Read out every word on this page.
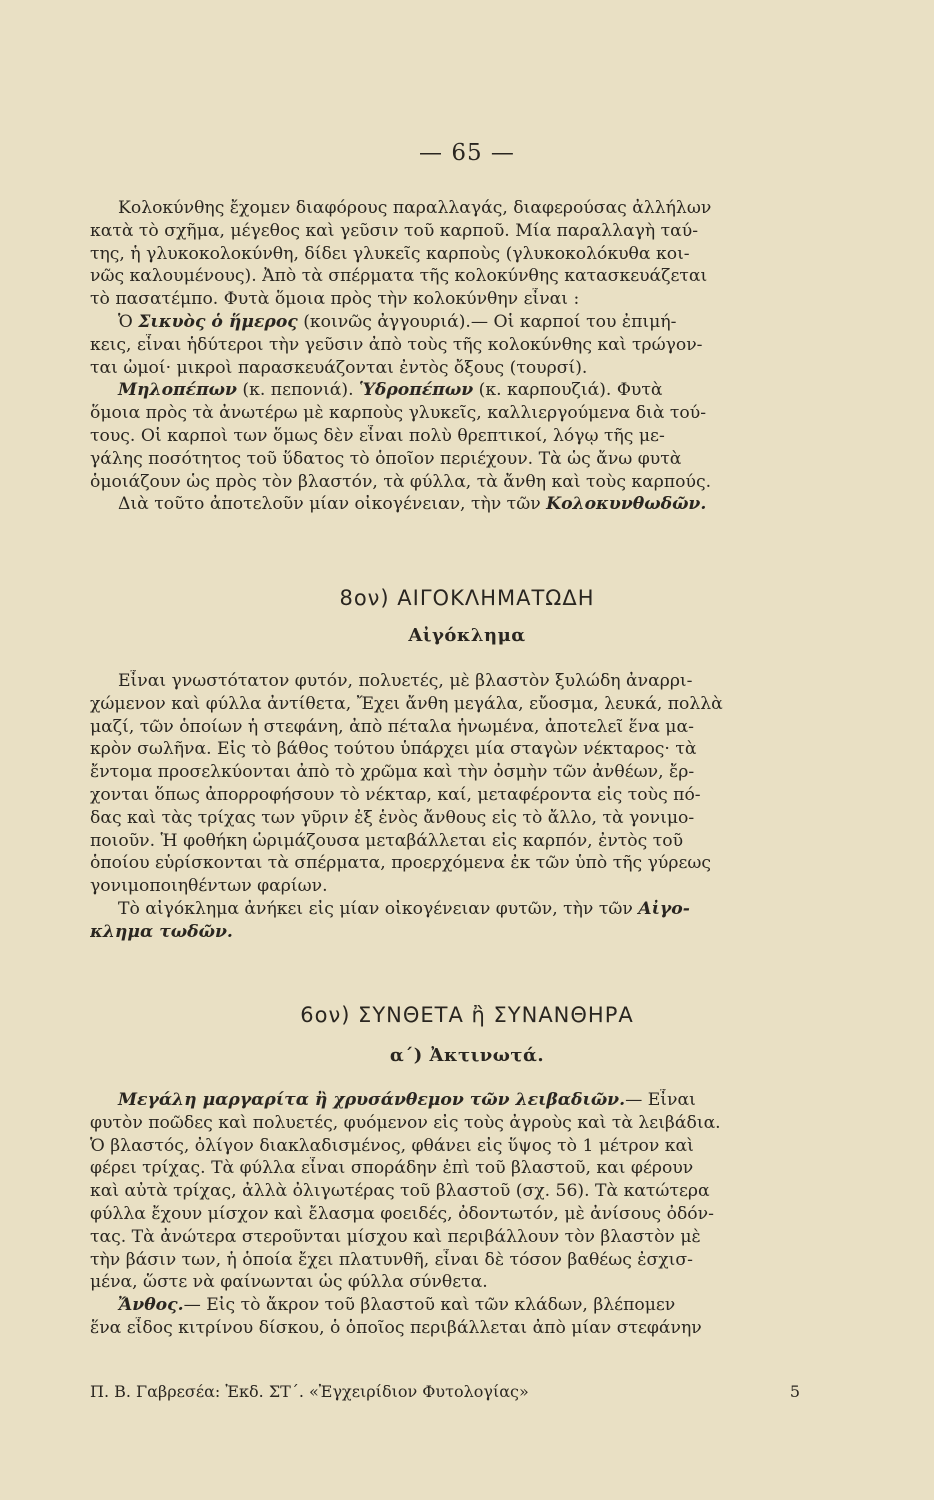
— 65 —
Κολοκύνθης ἔχομεν διαφόρους παραλλαγάς, διαφερούσας ἀλλήλων
κατὰ τὸ σχῆμα, μέγεθος καὶ γεῦσιν τοῦ καρποῦ. Μία παραλλαγὴ ταύ-
της, ἡ γλυκοκολοκύνθη, δίδει γλυκεῖς καρποὺς (γλυκοκολόκυθα κοι-
νῶς καλουμένους). Ἀπὸ τὰ σπέρματα τῆς κολοκύνθης κατασκευάζεται
τὸ πασατέμπο. Φυτὰ ὅμοια πρὸς τὴν κολοκύνθην εἶναι :
Ὁ Σικυὸς ὁ ἥμερος (κοινῶς ἀγγουριά).— Οἱ καρποί του ἐπιμή-
κεις, εἶναι ἡδύτεροι τὴν γεῦσιν ἀπὸ τοὺς τῆς κολοκύνθης καὶ τρώγον-
ται ὠμοί· μικροὶ παρασκευάζονται ἐντὸς ὄξους (τουρσί).
Μηλοπέπων (κ. πεπονιά). Ὑδροπέπων (κ. καρπουζιά). Φυτὰ
ὅμοια πρὸς τὰ ἀνωτέρω μὲ καρποὺς γλυκεῖς, καλλιεργούμενα διὰ τού-
τους. Οἱ καρποὶ των ὅμως δὲν εἶναι πολὺ θρεπτικοί, λόγῳ τῆς με-
γάλης ποσότητος τοῦ ὕδατος τὸ ὁποῖον περιέχουν. Τὰ ὡς ἄνω φυτὰ
ὁμοιάζουν ὡς πρὸς τὸν βλαστόν, τὰ φύλλα, τὰ ἄνθη καὶ τοὺς καρπούς.
Διὰ τοῦτο ἀποτελοῦν μίαν οἰκογένειαν, τὴν τῶν Κολοκυνθωδῶν.
8ον) ΑΙΓΟΚΛΗΜΑΤΩΔΗ
Αἰγόκλημα
Εἶναι γνωστότατον φυτόν, πολυετές, μὲ βλαστὸν ξυλώδη ἀναρρι-
χώμενον καὶ φύλλα ἀντίθετα, Ἔχει ἄνθη μεγάλα, εὔοσμα, λευκά, πολλὰ
μαζί, τῶν ὁποίων ἡ στεφάνη, ἀπὸ πέταλα ἡνωμένα, ἀποτελεῖ ἕνα μα-
κρὸν σωλῆνα. Εἰς τὸ βάθος τούτου ὑπάρχει μία σταγὼν νέκταρος· τὰ
ἔντομα προσελκύονται ἀπὸ τὸ χρῶμα καὶ τὴν ὀσμὴν τῶν ἀνθέων, ἔρ-
χονται ὅπως ἀπορροφήσουν τὸ νέκταρ, καί, μεταφέροντα εἰς τοὺς πό-
δας καὶ τὰς τρίχας των γῦριν ἐξ ἑνὸς ἄνθους εἰς τὸ ἄλλο, τὰ γονιμο-
ποιοῦν. Ἡ φοθήκη ὡριμάζουσα μεταβάλλεται εἰς καρπόν, ἐντὸς τοῦ
ὁποίου εὑρίσκονται τὰ σπέρματα, προερχόμενα ἐκ τῶν ὑπὸ τῆς γύρεως
γονιμοποιηθέντων φαρίων.
Τὸ αἰγόκλημα ἀνήκει εἰς μίαν οἰκογένειαν φυτῶν, τὴν τῶν Αἰγο-
κλημα τωδῶν.
6ον) ΣΥΝΘΕΤΑ ἢ ΣΥΝΑΝΘΗΡΑ
α΄) Ἀκτινωτά.
Μεγάλη μαργαρίτα ἢ χρυσάνθεμον τῶν λειβαδιῶν.— Εἶναι
φυτὸν ποῶδες καὶ πολυετές, φυόμενον εἰς τοὺς ἀγροὺς καὶ τὰ λειβάδια.
Ὁ βλαστός, ὀλίγον διακλαδισμένος, φθάνει εἰς ὕψος τὸ 1 μέτρον καὶ
φέρει τρίχας. Τὰ φύλλα εἶναι σποράδην ἐπὶ τοῦ βλαστοῦ, και φέρουν
καὶ αὐτὰ τρίχας, ἀλλὰ ὀλιγωτέρας τοῦ βλαστοῦ (σχ. 56). Τὰ κατώτερα
φύλλα ἔχουν μίσχον καὶ ἔλασμα φοειδές, ὀδοντωτόν, μὲ ἀνίσους ὀδόν-
τας. Τὰ ἀνώτερα στεροῦνται μίσχου καὶ περιβάλλουν τὸν βλαστὸν μὲ
τὴν βάσιν των, ἡ ὁποία ἔχει πλατυνθῆ, εἶναι δὲ τόσον βαθέως ἐσχισ-
μένα, ὥστε νὰ φαίνωνται ὡς φύλλα σύνθετα.
Ἄνθος.— Εἰς τὸ ἄκρον τοῦ βλαστοῦ καὶ τῶν κλάδων, βλέπομεν
ἕνα εἶδος κιτρίνου δίσκου, ὁ ὁποῖος περιβάλλεται ἀπὸ μίαν στεφάνην
Π. Β. Γαβρεσέα: Ἐκδ. ΣΤ΄. «Ἐγχειρίδιον Φυτολογίας»	5
